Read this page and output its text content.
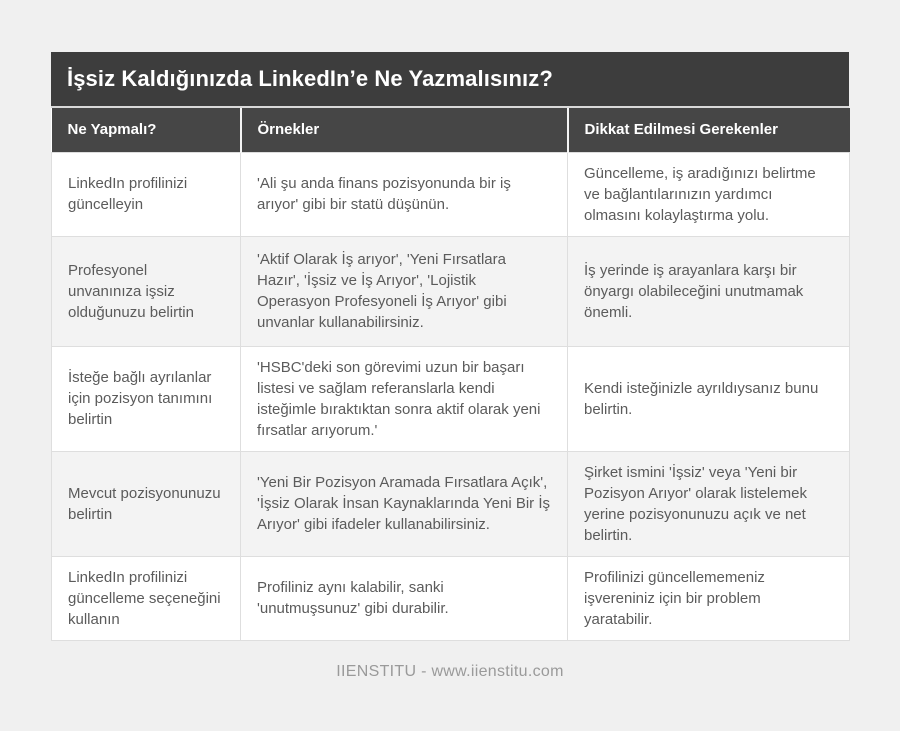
İşsiz Kaldığınızda LinkedIn’e Ne Yazmalısınız?
Ne Yapmalı?	Örnekler	Dikkat Edilmesi Gerekenler
LinkedIn profilinizi güncelleyin	'Ali şu anda finans pozisyonunda bir iş arıyor' gibi bir statü düşünün.	Güncelleme, iş aradığınızı belirtme ve bağlantılarınızın yardımcı olmasını kolaylaştırma yolu.
Profesyonel unvanınıza işsiz olduğunuzu belirtin	'Aktif Olarak İş arıyor', 'Yeni Fırsatlara Hazır', 'İşsiz ve İş Arıyor', 'Lojistik Operasyon Profesyoneli İş Arıyor' gibi unvanlar kullanabilirsiniz.	İş yerinde iş arayanlara karşı bir önyargı olabileceğini unutmamak önemli.
İsteğe bağlı ayrılanlar için pozisyon tanımını belirtin	'HSBC'deki son görevimi uzun bir başarı listesi ve sağlam referanslarla kendi isteğimle bıraktıktan sonra aktif olarak yeni fırsatlar arıyorum.'	Kendi isteğinizle ayrıldıysanız bunu belirtin.
Mevcut pozisyonunuzu belirtin	'Yeni Bir Pozisyon Aramada Fırsatlara Açık', 'İşsiz Olarak İnsan Kaynaklarında Yeni Bir İş Arıyor' gibi ifadeler kullanabilirsiniz.	Şirket ismini 'İşsiz' veya 'Yeni bir Pozisyon Arıyor' olarak listelemek yerine pozisyonunuzu açık ve net belirtin.
LinkedIn profilinizi güncelleme seçeneğini kullanın	Profiliniz aynı kalabilir, sanki 'unutmuşsunuz' gibi durabilir.	Profilinizi güncellememeniz işvereniniz için bir problem yaratabilir.
IIENSTITU - www.iienstitu.com
